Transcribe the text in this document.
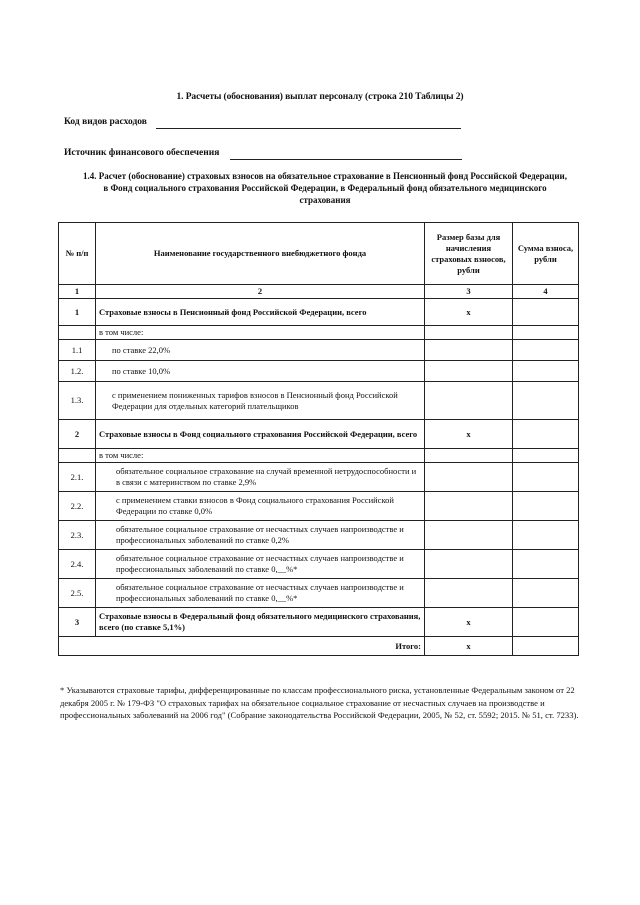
1. Расчеты (обоснования) выплат персоналу (строка 210 Таблицы 2)
Код видов расходов
Источник финансового обеспечения
1.4. Расчет (обоснование) страховых взносов на обязательное страхование в Пенсионный фонд Российской Федерации, в Фонд социального страхования Российской Федерации, в Федеральный фонд обязательного медицинского страхования
№ п/п	Наименование государственного внебюджетного фонда	Размер базы для начисления страховых взносов, рубли	Сумма взноса, рубли
1	2	3	4
1	Страховые взносы в Пенсионный фонд Российской Федерации, всего	x	
	в том числе:		
1.1	по ставке 22,0%		
1.2.	по ставке 10,0%		
1.3.	с применением пониженных тарифов взносов в Пенсионный фонд Российской Федерации для отдельных категорий плательщиков		
2	Страховые взносы в Фонд социального страхования Российской Федерации, всего	x	
	в том числе:		
2.1.	обязательное социальное страхование на случай временной нетрудоспособности и в связи с материнством по ставке 2,9%		
2.2.	с применением ставки взносов в Фонд социального страхования Российской Федерации по ставке 0,0%		
2.3.	обязательное социальное страхование от несчастных случаев напроизводстве и профессиональных заболеваний по ставке 0,2%		
2.4.	обязательное социальное страхование от несчастных случаев напроизводстве и профессиональных заболеваний по ставке 0,__%*		
2.5.	обязательное социальное страхование от несчастных случаев напроизводстве и профессиональных заболеваний по ставке 0,__%*		
3	Страховые взносы в Федеральный фонд обязательного медицинского страхования, всего (по ставке 5,1%)	x	
Итого:		x	
* Указываются страховые тарифы, дифференцированные по классам профессионального риска, установленные Федеральным законом от 22 декабря 2005 г. № 179-ФЗ "О страховых тарифах на обязательное социальное страхование от несчастных случаев на производстве и профессиональных заболеваний на 2006 год" (Собрание законодательства Российской Федерации, 2005, № 52, ст. 5592; 2015. № 51, ст. 7233).
